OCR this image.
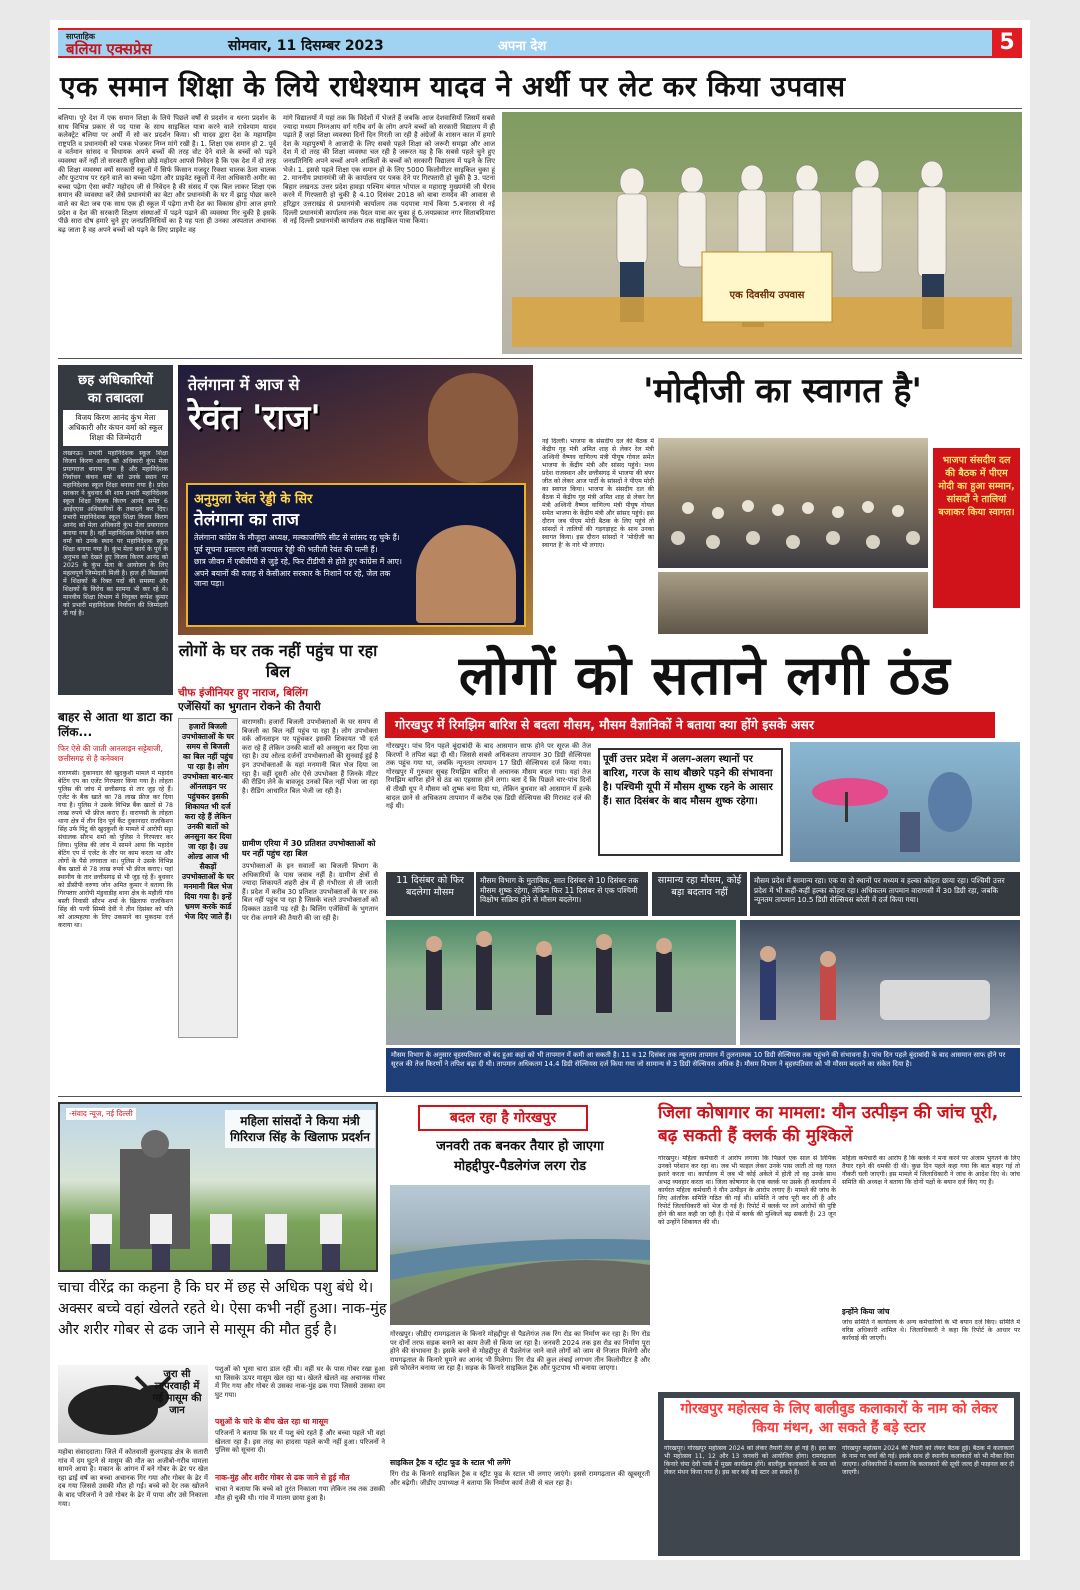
साप्ताहिक
बलिया एक्सप्रेस	सोमवार, 11 दिसम्बर 2023	अपना देश	5
एक समान शिक्षा के लिये राधेश्याम यादव ने अर्थी पर लेट कर किया उपवास
बलिया। पूरे देश में एक समान शिक्षा के लिये पिछले वर्षों से प्रदर्शन व धरना प्रदर्शन के साथ विभिन्न प्रकार से पद यात्रा के साथ साइकिल यात्रा करने वाले राधेश्याम यादव कलेक्ट्रेट बलिया पर अर्थी में सो कर प्रदर्शन किया। श्री यादव द्वारा देश के महामहिम राष्ट्रपति व प्रधानमंत्री को पत्रक भेजकर निम्न मांगे रखी है। 1. शिक्षा एक समान हो 2. पूर्व व वर्तमान सांसद व विधायक अपने बच्चों की तरह वोट देने वाले के बच्चों को पढ़ने व्यवस्था करें नहीं तो सरकारी सुविधा छोड़े महोदय आपसे निवेदन है कि एक देश में दो तरह की शिक्षा व्यवस्था क्यों सरकारी स्कूलों में सिर्फ किसान मजदूर रिक्शा चालक ठेला चालक और फुटपाथ पर रहने वाले का बच्चा पढ़ेगा और प्राइवेट स्कूलों में नेता अधिकारी अमीर का बच्चा पढ़ेगा ऐसा क्यों? महोदय जी से निवेदन है की संसद में एक बिल लाकर शिक्षा एक समान की व्यवस्था करें जैसे प्रधानमंत्री का बेटा और प्रधानमंत्री के घर में झाड़ू पोछा करने वाले का बेटा जब एक साथ एक ही स्कूल में पढ़ेगा तभी देश का विकास होगा आज हमारे प्रदेश व देश की सरकारी शिक्षण संस्थाओं में पढ़ने पढ़ाने की व्यवस्था गिर चुकी है इसके पीछे सारा दोष हमारे चुने हुए जनप्रतिनिधियों का है यह पता ही उनका अस्पताल अचानक बढ़ जाता है वह अपने बच्चों को पढ़ने के लिए प्राइवेट वह
मांगे विद्यालयों में यहां तक कि विदेशों में भेजते हैं जबकि आज देशवासियों जिसमें सबसे ज्यादा मध्यम निम्नआय वर्ग गरीब वर्ग के लोग अपने बच्चों को सरकारी विद्यालय में ही पढ़ाते हैं जहां शिक्षा व्यवस्था दिनों दिन गिरती जा रही है अंग्रेजों के शासन काल में हमारे देश के महापुरुषों ने आजादी के लिए सबसे पहले शिक्षा को जरूरी समझा और आज देश में दो तरह की शिक्षा व्यवस्था चल रही है जरूरत यह है कि सबसे पहले चुने हुए जनप्रतिनिधि अपने बच्चों अपने आश्रितों के बच्चों को सरकारी विद्यालय में पढ़ने के लिए भेजे। 1. इससे पहले शिक्षा एक समान हो के लिए 5000 किलोमीटर साइकिल चुका हूं 2. माननीय प्रधानमंत्री जी के कार्यालय पर पत्रक देने पर गिरफ्तारी हो चुकी है 3. पटना बिहार लखनऊ उत्तर प्रदेश हावड़ा पश्चिम बंगाल भोपाल व महाराष्ट्र मुख्यमंत्री जी घेराव करने में गिरफ्तारी हो चुकी है 4.10 दिसंबर 2018 को बाबा रामदेव की आवास से हरिद्वार उत्तराखंड से प्रधानमंत्री कार्यालय तक पदयात्रा मार्च किया 5.बनारस से नई दिल्ली प्रधानमंत्री कार्यालय तक पैदल यात्रा कर चुका हूं 6.जयप्रकाश नगर सिताबदियारा से नई दिल्ली प्रधानमंत्री कार्यालय तक साइकिल यात्रा किया।
एक दिवसीय उपवास
छह अधिकारियों
का तबादला
विजय किरण आनंद कुंभ मेला अधिकारी और कंचन वर्मा को स्कूल शिक्षा की जिम्मेदारी
लखनऊ। प्रभारी महानिदेशक स्कूल शिक्षा विजय किरण आनंद को अधिकारी कुंभ मेला प्रयागराज बनाया गया है और महानिदेशक निर्वाचन कंचन वर्मा को उनके स्थान पर महानिदेशक स्कूल शिक्षा बनाया गया है। प्रदेश सरकार ने बुधवार की शाम प्रभारी महानिदेशक स्कूल शिक्षा विजय किरण आनंद समेत 6 आईएएस अधिकारियों के तबादले कर दिए। प्रभारी महानिदेशक स्कूल शिक्षा विजय किरण आनंद को मेला अधिकारी कुंभ मेला प्रयागराज बनाया गया है। वहीं महानिदेशक निर्वाचन कंचन वर्मा को उनके स्थान पर महानिदेशक स्कूल शिक्षा बनाया गया है। कुंभ मेला कार्य के पूर्व के अनुभव को देखते हुए विजय किरण आनंद को 2025 के कुंभ मेला के आयोजन के लिए महत्वपूर्ण जिम्मेदारी मिली है। हाल ही विद्यालयों में शिक्षकों के रिक्त पदों की समस्या और शिक्षकों के विरोध का सामना भी कर रहे थे। मानवीय शिक्षा विभाग में नियुक्त रूपेश कुमार को प्रभारी महानिदेशक निर्वाचन की जिम्मेदारी दी गई है।
तेलंगाना में आज से
रेवंत 'राज'
अनुमुला रेवंत रेड्डी के सिर
तेलंगाना का ताज
तेलंगाना कांग्रेस के मौजूदा अध्यक्ष, मल्काजगिरि सीट से सांसद रह चुके हैं।
पूर्व सूचना प्रसारण मंत्री जयपाल रेड्डी की भतीजी रेवंत की पत्नी हैं।
छात्र जीवन में एबीवीपी से जुड़े रहे, फिर टीडीपी से होते हुए कांग्रेस में आए।
अपने बयानों की वजह से केसीआर सरकार के निशाने पर रहे, जेल तक जाना पड़ा।
'मोदीजी का स्वागत है'
नई दिल्ली। भाजपा के संसदीय दल की बैठक में केंद्रीय गृह मंत्री अमित शाह से लेकर रेल मंत्री अश्विनी वैष्णव वाणिज्य मंत्री पीयूष गोयल समेत भाजपा के केंद्रीय मंत्री और सांसद पहुंचे। मध्य प्रदेश राजस्थान और छत्तीसगढ़ में भाजपा की बंपर जीत को लेकर आज पार्टी के सांसदों ने पीएम मोदी का स्वागत किया। भाजपा के संसदीय दल की बैठक में केंद्रीय गृह मंत्री अमित शाह से लेकर रेल मंत्री अश्विनी वैष्णव वाणिज्य मंत्री पीयूष गोयल समेत भाजपा के केंद्रीय मंत्री और सांसद पहुंचे। इस दौरान जब पीएम मोदी बैठक के लिए पहुंचे तो सांसदों ने तालियों की गड़गड़ाहट के साथ उनका स्वागत किया। इस दौरान सांसदों ने 'मोदीजी का स्वागत है' के नारे भी लगाए।
भाजपा संसदीय दल की बैठक में पीएम मोदी का हुआ सम्मान, सांसदों ने तालियां बजाकर किया स्वागत।
लोगों के घर तक नहीं पहुंच पा रहा बिल
चीफ इंजीनियर हुए नाराज, बिलिंग
एजेंसियों का भुगतान रोकने की तैयारी
हजारों बिजली उपभोक्ताओं के घर समय से बिजली का बिल नहीं पहुंच पा रहा है। लोग उपभोक्ता बार-बार ऑनलाइन पर पहुंचकर इसकी शिकायत भी दर्ज करा रहे हैं लेकिन उनकी बातों को अनसुना कर दिया जा रहा है। उम्र ओल्ड आज भी सैकड़ों उपभोक्ताओं के घर मनमानी बिल भेज दिया गया है। इन्हें भ्रमण करके कार्ड भेज दिए जाते हैं।
वाराणसी। हजारों बिजली उपभोक्ताओं के घर समय से बिजली का बिल नहीं पहुंच पा रहा है। लोग उपभोक्ता वर्क ऑनलाइन पर पहुंचकर इसकी शिकायत भी दर्ज करा रहे हैं लेकिन उनकी बातों को अनसुना कर दिया जा रहा है। उम्र ओल्ड दर्जनों उपभोक्ताओं की सुनवाई हुई है इन उपभोक्ताओं के यहां मनमानी बिल भेज दिया जा रहा है। वहीं दूसरी ओर ऐसे उपभोक्ता हैं जिनके मीटर की रीडिंग लेने के बावजूद उनको बिल नहीं भेजा जा रहा है। रीडिंग आधारित बिल भेजी जा रही है।
ग्रामीण एरिया में 30 प्रतिशत उपभोक्ताओं को घर नहीं पहुंच रहा बिल
उपभोक्ताओं के इन सवालों का बिजली विभाग के अधिकारियों के पास जवाब नहीं है। ग्रामीण क्षेत्रों से ज्यादा शिकायतें शहरी क्षेत्र में ही गंभीरता से ली जाती हैं। प्रदेश में करीब 30 प्रतिशत उपभोक्ताओं के घर तक बिल नहीं पहुंच पा रहा है जिसके चलते उपभोक्ताओं को दिक्कत उठानी पड़ रही है। बिलिंग एजेंसियों के भुगतान पर रोक लगाने की तैयारी की जा रही है।
बाहर से आता था डाटा का लिंक...
फिर ऐसे की जाती आनलाइन सट्टेबाजी, छत्तीसगढ़ से है कनेक्शन
वाराणसी। दुकानदार की खुदकुशी मामले में महादेव बेटिंग एप का एजेंट गिरफ्तार किया गया है। लोहता पुलिस की जांच में छत्तीसगढ़ से तार जुड़ रहे हैं। एजेंट के बैंक खाते का 78 लाख फ्रीज कर दिया गया है। पुलिस ने उसके विभिन्न बैंक खातों से 78 लाख रुपये भी फ्रीज कराए हैं। वाराणसी के लोहता थाना क्षेत्र में तीन दिन पूर्व कैंट दुकानदार राजकिशन सिंह उर्फ पिंटू की खुदकुशी के मामले में आरोपी सट्टा संचालक सौरभ शर्मा को पुलिस ने गिरफ्तार कर लिया। पुलिस की जांच में सामने आया कि महादेव बेटिंग एप में एजेंट के तौर पर काम करता था और लोगों के पैसे लगवाता था। पुलिस ने उसके विभिन्न बैंक खातों से 78 लाख रुपये भी फ्रीज कराए। यहां स्थानीय के तार छत्तीसगढ़ से भी जुड़ रहे हैं। बुधवार को डीसीपी वरुणा जोन अमित कुमार ने बताया कि गिरफ्तार आरोपी मंडुवाडीह थाना क्षेत्र के महौली गांव बस्ती निवासी सौरभ शर्मा के खिलाफ राजकिशन सिंह की पत्नी सिम्मी देवी ने तीन दिसंबर को पति को आत्महत्या के लिए उकसाने का मुकदमा दर्ज कराया था।
लोगों को सताने लगी ठंड
गोरखपुर में रिमझिम बारिश से बदला मौसम, मौसम वैज्ञानिकों ने बताया क्या होंगे इसके असर
गोरखपुर। पांच दिन पहले बूंदाबांदी के बाद आसमान साफ होने पर सूरज की तेज किरणों ने तपिश बढ़ा दी थी। जिससे सबसे अधिकतम तापमान 30 डिग्री सेल्सियस तक पहुंच गया था, जबकि न्यूनतम तापमान 17 डिग्री सेल्सियस दर्ज किया गया। गोरखपुर में गुरुवार सुबह रिमझिम बारिश से अचानक मौसम बदल गया। यहां तेज रिमझिम बारिश होने से ठंड का एहसास होने लगा। बता दें कि पिछले चार-पांच दिनों से तीखी धूप ने मौसम को शुष्क बना दिया था, लेकिन बुधवार को आसमान में हल्के बादल छाने से अधिकतम तापमान में करीब एक डिग्री सेल्सियस की गिरावट दर्ज की गई थी।
पूर्वी उत्तर प्रदेश में अलग-अलग स्थानों पर बारिश, गरज के साथ बौछारे पड़ने की संभावना है। पश्चिमी यूपी में मौसम शुष्क रहने के आसार हैं। सात दिसंबर के बाद मौसम शुष्क रहेगा।
11 दिसंबर को फिर बदलेगा मौसम
मौसम विभाग के मुताबिक, सात दिसंबर से 10 दिसंबर तक मौसम शुष्क रहेगा, लेकिन फिर 11 दिसंबर से एक पश्चिमी विक्षोभ सक्रिय होने से मौसम बदलेगा।
सामान्य रहा मौसम, कोई बड़ा बदलाव नहीं
मौसम प्रदेश में सामान्य रहा। एक या दो स्थानों पर मध्यम व हल्का कोहरा छाया रहा। पश्चिमी उत्तर प्रदेश में भी कहीं-कहीं हल्का कोहरा रहा। अधिकतम तापमान वाराणसी में 30 डिग्री रहा, जबकि न्यूनतम तापमान 10.5 डिग्री सेल्सियस बरेली में दर्ज किया गया।
मौसम विभाग के अनुसार बृहस्पतिवार को बंद हुआ कहां को भी तापमान में कमी आ सकती है। 11 व 12 दिसंबर तक न्यूनतम तापमान में तुलनात्मक 10 डिग्री सेल्सियस तक पहुंचने की संभावना है। पांच दिन पहले बूंदाबांदी के बाद आसमान साफ होने पर सूरज की तेज किरणों ने तपिश बढ़ा दी थी। तापमान अधिकतम 14.4 डिग्री सेल्सियस दर्ज किया गया जो सामान्य से 3 डिग्री सेल्सियस अधिक है। मौसम विभाग ने बृहस्पतिवार को भी मौसम बदलने का संकेत दिया है।
-संवाद न्यूज, नई दिल्ली
महिला सांसदों ने किया मंत्री गिरिराज सिंह के खिलाफ प्रदर्शन
चाचा वीरेंद्र का कहना है कि घर में छह से अधिक पशु बंधे थे। अक्सर बच्चे वहां खेलते रहते थे। ऐसा कभी नहीं हुआ। नाक-मुंह और शरीर गोबर से ढक जाने से मासूम की मौत हुई है।
जरा सी लापरवाही में गई मासूम की जान
महोबा संवाददाता। जिले में कोतवाली कुलपहाड़ क्षेत्र के सतारी गांव में दम घुटने से मासूम की मौत का अजीबो-गरीब मामला सामने आया है। मकान के आंगन में बने गोबर के ढेर पर खेल रहा ढाई वर्ष का बच्चा अचानक गिर गया और गोबर के ढेर में दब गया जिससे उसकी मौत हो गई। बच्चे को देर तक खोजने के बाद परिजनों ने उसे गोबर के ढेर में पाया और उसे निकाला गया।
पशुओं को भूसा चारा डाल रही थी। वहीं घर के पास गोबर रखा हुआ था जिसके ऊपर मासूम खेल रहा था। खेलते खेलते वह अचानक गोबर में गिर गया और गोबर से उसका नाक-मुंह ढक गया जिससे उसका दम घुट गया।
पशुओं के चारे के बीच खेल रहा था मासूम
परिजनों ने बताया कि घर में पशु बंधे रहते हैं और बच्चा पहले भी वहां खेलता रहा है। इस तरह का हादसा पहले कभी नहीं हुआ। परिजनों ने पुलिस को सूचना दी।
नाक-मुंह और शरीर गोबर से ढक जाने से हुई मौत
चाचा ने बताया कि बच्चे को तुरंत निकाला गया लेकिन तब तक उसकी मौत हो चुकी थी। गांव में मातम छाया हुआ है।
बदल रहा है गोरखपुर
जनवरी तक बनकर तैयार हो जाएगा
मोहद्दीपुर-पैडलेगंज लरग रोड
गोरखपुर। जीडीए रामगढ़ताल के किनारे मोहद्दीपुर से पैडलेगंज तक रिंग रोड का निर्माण कर रहा है। रिंग रोड पर दोनों तरफ सड़क बनाने का काम तेजी से किया जा रहा है। जनवरी 2024 तक इस रोड का निर्माण पूरा होने की संभावना है। इसके बनने से मोहद्दीपुर से पैडलेगंज जाने वाले लोगों को जाम से निजात मिलेगी और रामगढ़ताल के किनारे घूमने का आनंद भी मिलेगा। रिंग रोड की कुल लंबाई लगभग तीन किलोमीटर है और इसे फोरलेन बनाया जा रहा है। सड़क के किनारे साइकिल ट्रैक और फुटपाथ भी बनाया जाएगा।
साइकिल ट्रैक व स्ट्रीट फूड के स्टाल भी लगेंगे
रिंग रोड के किनारे साइकिल ट्रैक व स्ट्रीट फूड के स्टाल भी लगाए जाएंगे। इससे रामगढ़ताल की खूबसूरती और बढ़ेगी। जीडीए उपाध्यक्ष ने बताया कि निर्माण कार्य तेजी से चल रहा है।
जिला कोषागार का मामला: यौन उत्पीड़न की जांच पूरी, बढ़ सकती हैं क्लर्क की मुश्किलें
गोरखपुर। महिला कर्मचारी ने आरोप लगाया कि पिछले एक साल से लिपिक उनको परेशान कर रहा था। जब भी फाइल लेकर उनके पास जाती तो वह गलत इशारे करता था। कार्यालय में जब भी कोई अकेले में होती तो वह उनके साथ अभद्र व्यवहार करता था। जिला कोषागार के एक क्लर्क पर उसके ही कार्यालय में कार्यरत महिला कर्मचारी ने यौन उत्पीड़न के आरोप लगाए हैं। मामले की जांच के लिए आंतरिक समिति गठित की गई थी। समिति ने जांच पूरी कर ली है और रिपोर्ट जिलाधिकारी को भेज दी गई है। रिपोर्ट में क्लर्क पर लगे आरोपों की पुष्टि होने की बात कही जा रही है। ऐसे में क्लर्क की मुश्किलें बढ़ सकती हैं। 23 जून को उन्होंने शिकायत की थी।
महिला कर्मचारी का आरोप है कि क्लर्क ने मना करने पर अंजाम भुगतने के लिए तैयार रहने की धमकी दी थी। कुछ दिन पहले कहा गया कि बात बाहर गई तो नौकरी चली जाएगी। इस मामले में जिलाधिकारी ने जांच के आदेश दिए थे। जांच समिति की अध्यक्ष ने बताया कि दोनों पक्षों के बयान दर्ज किए गए हैं।
इन्होंने किया जांच
जांच समिति ने कार्यालय के अन्य कर्मचारियों के भी बयान दर्ज किए। समिति में वरिष्ठ अधिकारी शामिल थे। जिलाधिकारी ने कहा कि रिपोर्ट के आधार पर कार्रवाई की जाएगी।
गोरखपुर महोत्सव के लिए बालीवुड कलाकारों के नाम को लेकर किया मंथन, आ सकते हैं बड़े स्टार
गोरखपुर। गोरखपुर महोत्सव 2024 को लेकर तैयारी तेज हो गई है। इस बार भी महोत्सव 11, 12 और 13 जनवरी को आयोजित होगा। रामगढ़ताल किनारे चंपा देवी पार्क में मुख्य कार्यक्रम होंगे। बालीवुड कलाकारों के नाम को लेकर मंथन किया गया है। इस बार कई बड़े स्टार आ सकते हैं।
गोरखपुर महोत्सव 2024 की तैयारी को लेकर बैठक हुई। बैठक में कलाकारों के नाम पर चर्चा की गई। इसके साथ ही स्थानीय कलाकारों को भी मौका दिया जाएगा। अधिकारियों ने बताया कि कलाकारों की सूची जल्द ही फाइनल कर दी जाएगी।
